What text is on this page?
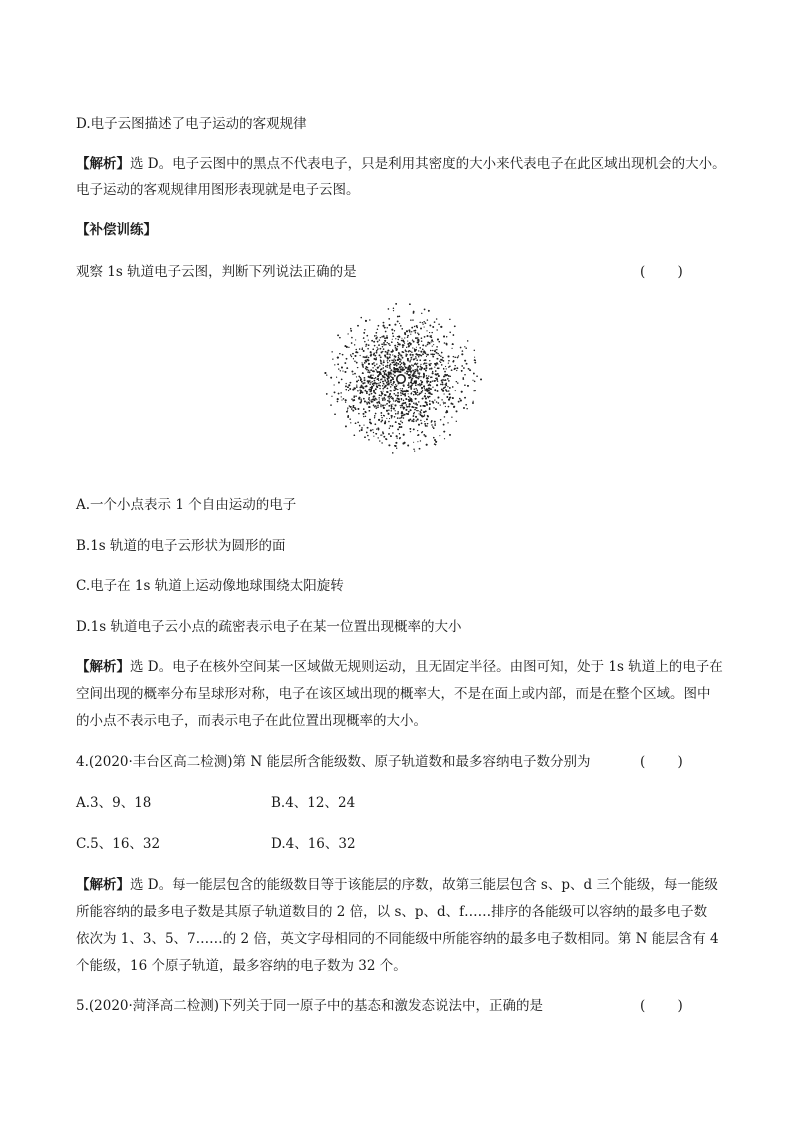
D.电子云图描述了电子运动的客观规律
【解析】选 D。电子云图中的黑点不代表电子，只是利用其密度的大小来代表电子在此区域出现机会的大小。
电子运动的客观规律用图形表现就是电子云图。
【补偿训练】
观察 1s 轨道电子云图，判断下列说法正确的是	( )
A.一个小点表示 1 个自由运动的电子
B.1s 轨道的电子云形状为圆形的面
C.电子在 1s 轨道上运动像地球围绕太阳旋转
D.1s 轨道电子云小点的疏密表示电子在某一位置出现概率的大小
【解析】选 D。电子在核外空间某一区域做无规则运动，且无固定半径。由图可知，处于 1s 轨道上的电子在
空间出现的概率分布呈球形对称，电子在该区域出现的概率大，不是在面上或内部，而是在整个区域。图中
的小点不表示电子，而表示电子在此位置出现概率的大小。
4.(2020·丰台区高二检测)第 N 能层所含能级数、原子轨道数和最多容纳电子数分别为	( )
A.3、9、18	B.4、12、24
C.5、16、32	D.4、16、32
【解析】选 D。每一能层包含的能级数目等于该能层的序数，故第三能层包含 s、p、d 三个能级，每一能级
所能容纳的最多电子数是其原子轨道数目的 2 倍，以 s、p、d、f……排序的各能级可以容纳的最多电子数
依次为 1、3、5、7……的 2 倍，英文字母相同的不同能级中所能容纳的最多电子数相同。第 N 能层含有 4
个能级，16 个原子轨道，最多容纳的电子数为 32 个。
5.(2020·菏泽高二检测)下列关于同一原子中的基态和激发态说法中，正确的是	( )
